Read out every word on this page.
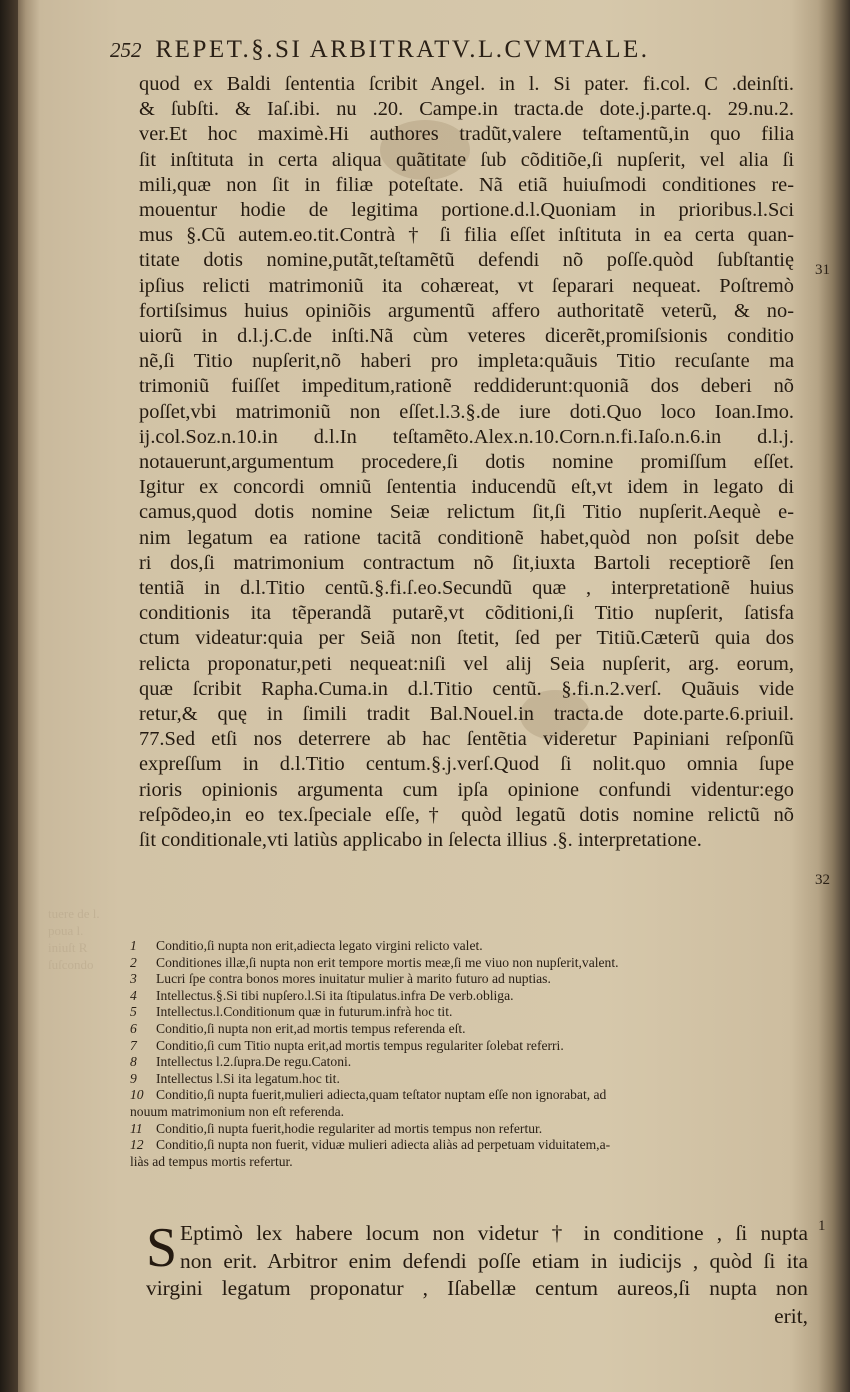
tuere de l.
poua l.
iniuſt R
ſuſcondo
252 REPET.§.SI ARBITRATV.L.CVMTALE.
quod ex Baldi ſententia ſcribit Angel. in l. Si pater. fi.col. C .deinſti.
& ſubſti. & Iaſ.ibi. nu .20. Campe.in tracta.de dote.j.parte.q. 29.nu.2.
ver.Et hoc maximè.Hi authores tradũt,valere teſtamentũ,in quo filia
ſit inſtituta in certa aliqua quãtitate ſub cõditiõe,ſi nupſerit, vel alia ſi
mili,quæ non ſit in filiæ poteſtate. Nã etiã huiuſmodi conditiones re-
mouentur hodie de legitima portione.d.l.Quoniam in prioribus.l.Sci
mus §.Cũ autem.eo.tit.Contrà † ſi filia eſſet inſtituta in ea certa quan-
titate dotis nomine,putãt,teſtamẽtũ defendi nõ poſſe.quòd ſubſtantię
ipſius relicti matrimoniũ ita cohæreat, vt ſeparari nequeat. Poſtremò
fortiſsimus huius opiniõis argumentũ affero authoritatẽ veterũ, & no-
uiorũ in d.l.j.C.de inſti.Nã cùm veteres dicerẽt,promiſsionis conditio
nẽ,ſi Titio nupſerit,nõ haberi pro impleta:quãuis Titio recuſante ma
trimoniũ fuiſſet impeditum,rationẽ reddiderunt:quoniã dos deberi nõ
poſſet,vbi matrimoniũ non eſſet.l.3.§.de iure doti.Quo loco Ioan.Imo.
ij.col.Soz.n.10.in d.l.In teſtamẽto.Alex.n.10.Corn.n.fi.Iaſo.n.6.in d.l.j.
notauerunt,argumentum procedere,ſi dotis nomine promiſſum eſſet.
Igitur ex concordi omniũ ſententia inducendũ eſt,vt idem in legato di
camus,quod dotis nomine Seiæ relictum ſit,ſi Titio nupſerit.Aequè e-
nim legatum ea ratione tacitã conditionẽ habet,quòd non poſsit debe
ri dos,ſi matrimonium contractum nõ ſit,iuxta Bartoli receptiorẽ ſen
tentiã in d.l.Titio centũ.§.fi.ſ.eo.Secundũ quæ , interpretationẽ huius
conditionis ita tẽperandã putarẽ,vt cõditioni,ſi Titio nupſerit, ſatisfa
ctum videatur:quia per Seiã non ſtetit, ſed per Titiũ.Cæterũ quia dos
relicta proponatur,peti nequeat:niſi vel alij Seia nupſerit, arg. eorum,
quæ ſcribit Rapha.Cuma.in d.l.Titio centũ. §.fi.n.2.verſ. Quãuis vide
retur,& quę in ſimili tradit Bal.Nouel.in tracta.de dote.parte.6.priuil.
77.Sed etſi nos deterrere ab hac ſentẽtia videretur Papiniani reſponſũ
expreſſum in d.l.Titio centum.§.j.verſ.Quod ſi nolit.quo omnia ſupe
rioris opinionis argumenta cum ipſa opinione confundi videntur:ego
reſpõdeo,in eo tex.ſpeciale eſſe,† quòd legatũ dotis nomine relictũ nõ
ſit conditionale,vti latiùs applicabo in ſelecta illius .§. interpretatione.
31
32
1
1	Conditio,ſi nupta non erit,adiecta legato virgini relicto valet.
2	Conditiones illæ,ſi nupta non erit tempore mortis meæ,ſi me viuo non nupſerit,valent.
3	Lucri ſpe contra bonos mores inuitatur mulier à marito futuro ad nuptias.
4	Intellectus.§.Si tibi nupſero.l.Si ita ſtipulatus.infra De verb.obliga.
5	Intellectus.l.Conditionum quæ in futurum.infrà hoc tit.
6	Conditio,ſi nupta non erit,ad mortis tempus referenda eſt.
7	Conditio,ſi cum Titio nupta erit,ad mortis tempus regulariter ſolebat referri.
8	Intellectus l.2.ſupra.De regu.Catoni.
9	Intellectus l.Si ita legatum.hoc tit.
10 Conditio,ſi nupta fuerit,mulieri adiecta,quam teſtator nuptam eſſe non ignorabat, ad
nouum matrimonium non eſt referenda.
11 Conditio,ſi nupta fuerit,hodie regulariter ad mortis tempus non refertur.
12 Conditio,ſi nupta non fuerit, viduæ mulieri adiecta aliàs ad perpetuam viduitatem,a-
liàs ad tempus mortis refertur.
S Eptimò lex habere locum non videtur † in conditione , ſi nupta
non erit. Arbitror enim defendi poſſe etiam in iudicijs , quòd ſi ita
virgini legatum proponatur , Iſabellæ centum aureos,ſi nupta non
erit,
